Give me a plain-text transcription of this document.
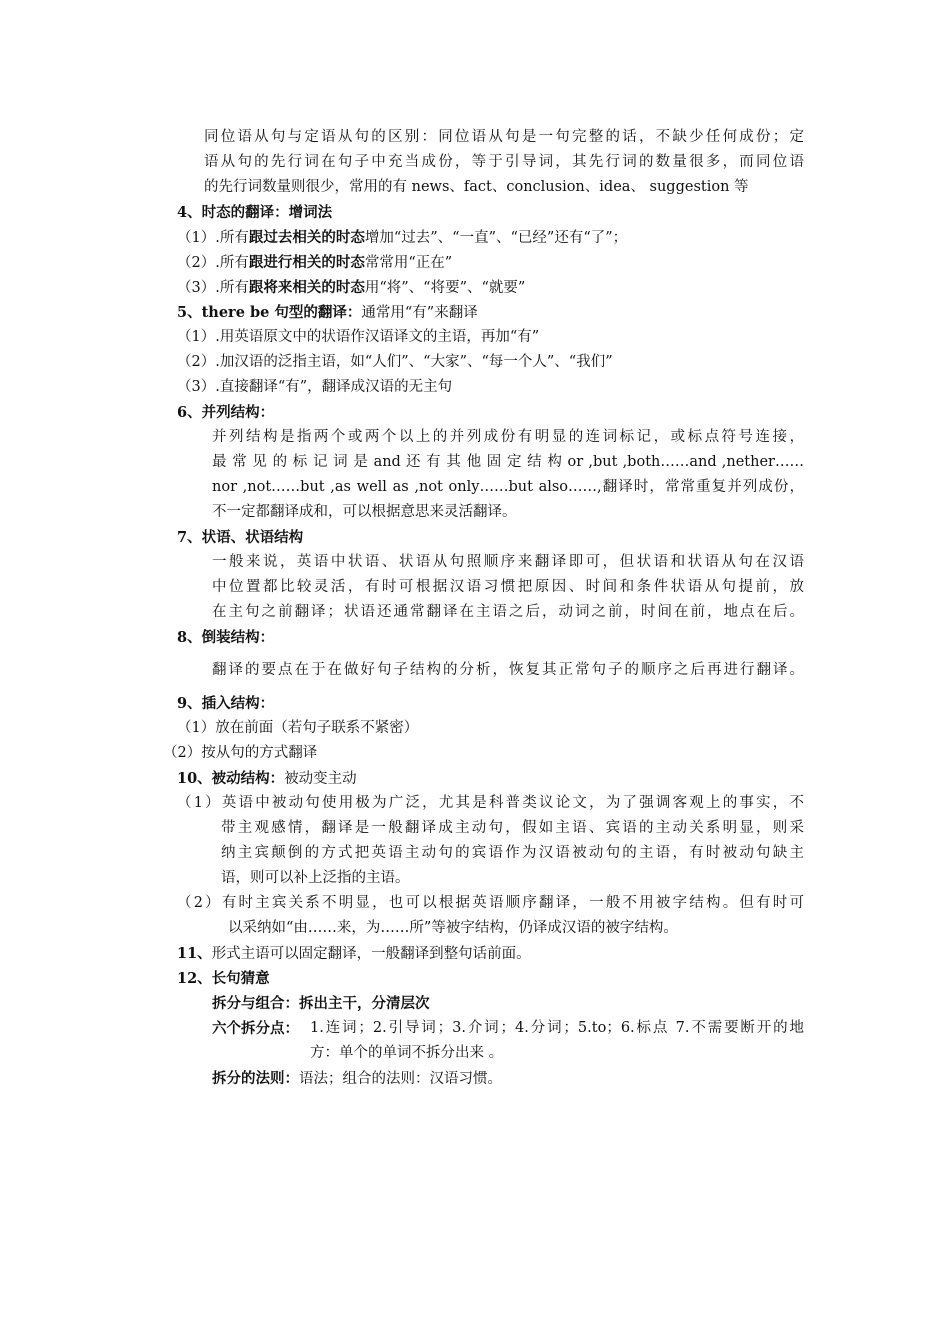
同位语从句与定语从句的区别：同位语从句是一句完整的话，不缺少任何成份；定
语从句的先行词在句子中充当成份，等于引导词，其先行词的数量很多，而同位语
的先行词数量则很少，常用的有 news、fact、conclusion、idea、 suggestion 等
4、时态的翻译：增词法
（1）.所有跟过去相关的时态增加“过去”、“一直”、“已经”还有“了”；
（2）.所有跟进行相关的时态常常用“正在”
（3）.所有跟将来相关的时态用“将”、“将要”、“就要”
5、there be 句型的翻译：通常用“有”来翻译
（1）.用英语原文中的状语作汉语译文的主语，再加“有”
（2）.加汉语的泛指主语，如“人们”、“大家”、“每一个人”、“我们”
（3）.直接翻译“有”，翻译成汉语的无主句
6、并列结构：
并列结构是指两个或两个以上的并列成份有明显的连词标记，或标点符号连接，
最 常 见 的 标 记 词 是 and 还 有 其 他 固 定 结 构 or ,but ,both……and ,nether……
nor ,not……but ,as well as ,not only……but also……,翻译时，常常重复并列成份，
不一定都翻译成和，可以根据意思来灵活翻译。
7、状语、状语结构
一般来说，英语中状语、状语从句照顺序来翻译即可，但状语和状语从句在汉语
中位置都比较灵活，有时可根据汉语习惯把原因、时间和条件状语从句提前，放
在主句之前翻译；状语还通常翻译在主语之后，动词之前，时间在前，地点在后。
8、倒装结构：
翻译的要点在于在做好句子结构的分析，恢复其正常句子的顺序之后再进行翻译。
9、插入结构：
（1）放在前面（若句子联系不紧密）
（2）按从句的方式翻译
10、被动结构：被动变主动
（1）英语中被动句使用极为广泛，尤其是科普类议论文，为了强调客观上的事实，不
带主观感情，翻译是一般翻译成主动句，假如主语、宾语的主动关系明显，则采
纳主宾颠倒的方式把英语主动句的宾语作为汉语被动句的主语，有时被动句缺主
语，则可以补上泛指的主语。
（2）有时主宾关系不明显，也可以根据英语顺序翻译，一般不用被字结构。但有时可
以采纳如“由……来，为……所”等被字结构，仍译成汉语的被字结构。
11、形式主语可以固定翻译，一般翻译到整句话前面。
12、长句猜意
拆分与组合：拆出主干，分清层次
六个拆分点： 1.连词；2.引导词；3.介词；4.分词；5.to；6.标点 7.不需要断开的地
方：单个的单词不拆分出来 。
拆分的法则：语法；组合的法则：汉语习惯。
